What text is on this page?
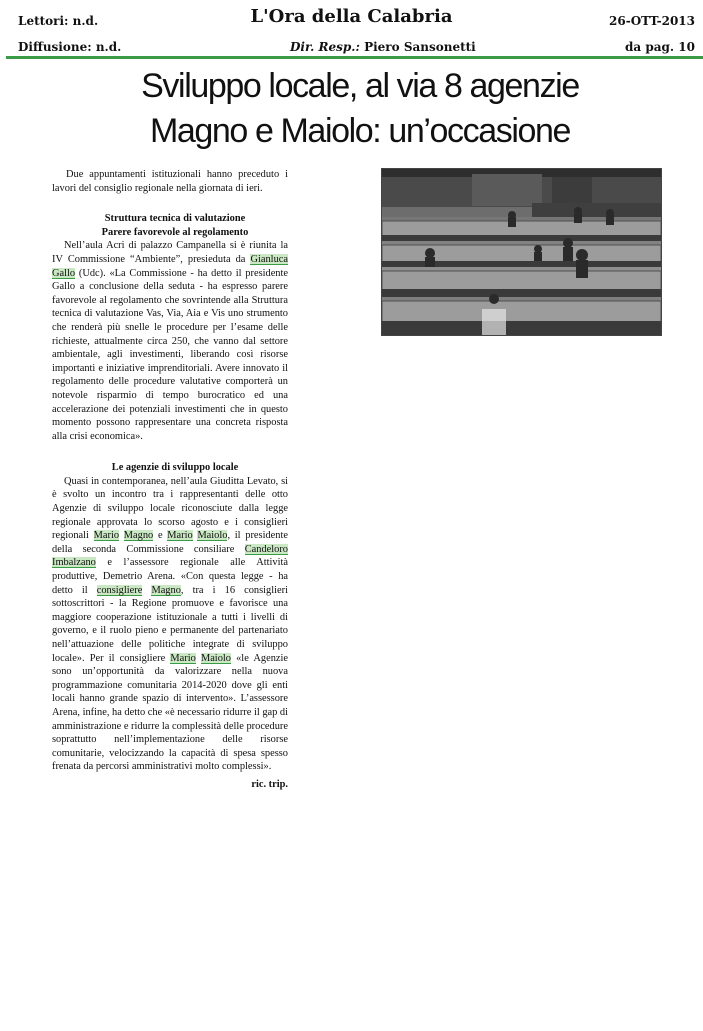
Lettori: n.d.
Diffusione: n.d.
L'Ora della Calabria
Dir. Resp.: Piero Sansonetti
26-OTT-2013
da pag. 10
Sviluppo locale, al via 8 agenzie
Magno e Maiolo: un’occasione

Due appuntamenti istituzionali hanno preceduto i lavori del consiglio regionale nella giornata di ieri.

Struttura tecnica di valutazione
Parere favorevole al regolamento

Nell’aula Acri di palazzo Campanella si è riunita la IV Commissione “Ambiente”, presieduta da Gianluca Gallo (Udc). «La Commissione - ha detto il presidente Gallo a conclusione della seduta - ha espresso parere favorevole al regolamento che sovrintende alla Struttura tecnica di valutazione Vas, Via, Aia e Vis uno strumento che renderà più snelle le procedure per l’esame delle richieste, attualmente circa 250, che vanno dal settore ambientale, agli investimenti, liberando così risorse importanti e iniziative imprenditoriali. Avere innovato il regolamento delle procedure valutative comporterà un notevole risparmio di tempo burocratico ed una accelerazione dei potenziali investimenti che in questo momento possono rappresentare una concreta risposta alla crisi economica».

Le agenzie di sviluppo locale

Quasi in contemporanea, nell’aula Giuditta Levato, si è svolto un incontro tra i rappresentanti delle otto Agenzie di sviluppo locale riconosciute dalla legge regionale approvata lo scorso agosto e i consiglieri regionali Mario Magno e Mario Maiolo, il presidente della seconda Commissione consiliare Candeloro Imbalzano e l’assessore regionale alle Attività produttive, Demetrio Arena. «Con questa legge - ha detto il consigliere Magno, tra i 16 consiglieri sottoscrittori - la Regione promuove e favorisce una maggiore cooperazione istituzionale a tutti i livelli di governo, e il ruolo pieno e permanente del partenariato nell’attuazione delle politiche integrate di sviluppo locale». Per il consigliere Mario Maiolo «le Agenzie sono un’opportunità da valorizzare nella nuova programmazione comunitaria 2014-2020 dove gli enti locali hanno grande spazio di intervento». L’assessore Arena, infine, ha detto che «è necessario ridurre il gap di amministrazione e ridurre la complessità delle procedure soprattutto nell’implementazione delle risorse comunitarie, velocizzando la capacità di spesa spesso frenata da percorsi amministrativi molto complessi».

ric. trip.
